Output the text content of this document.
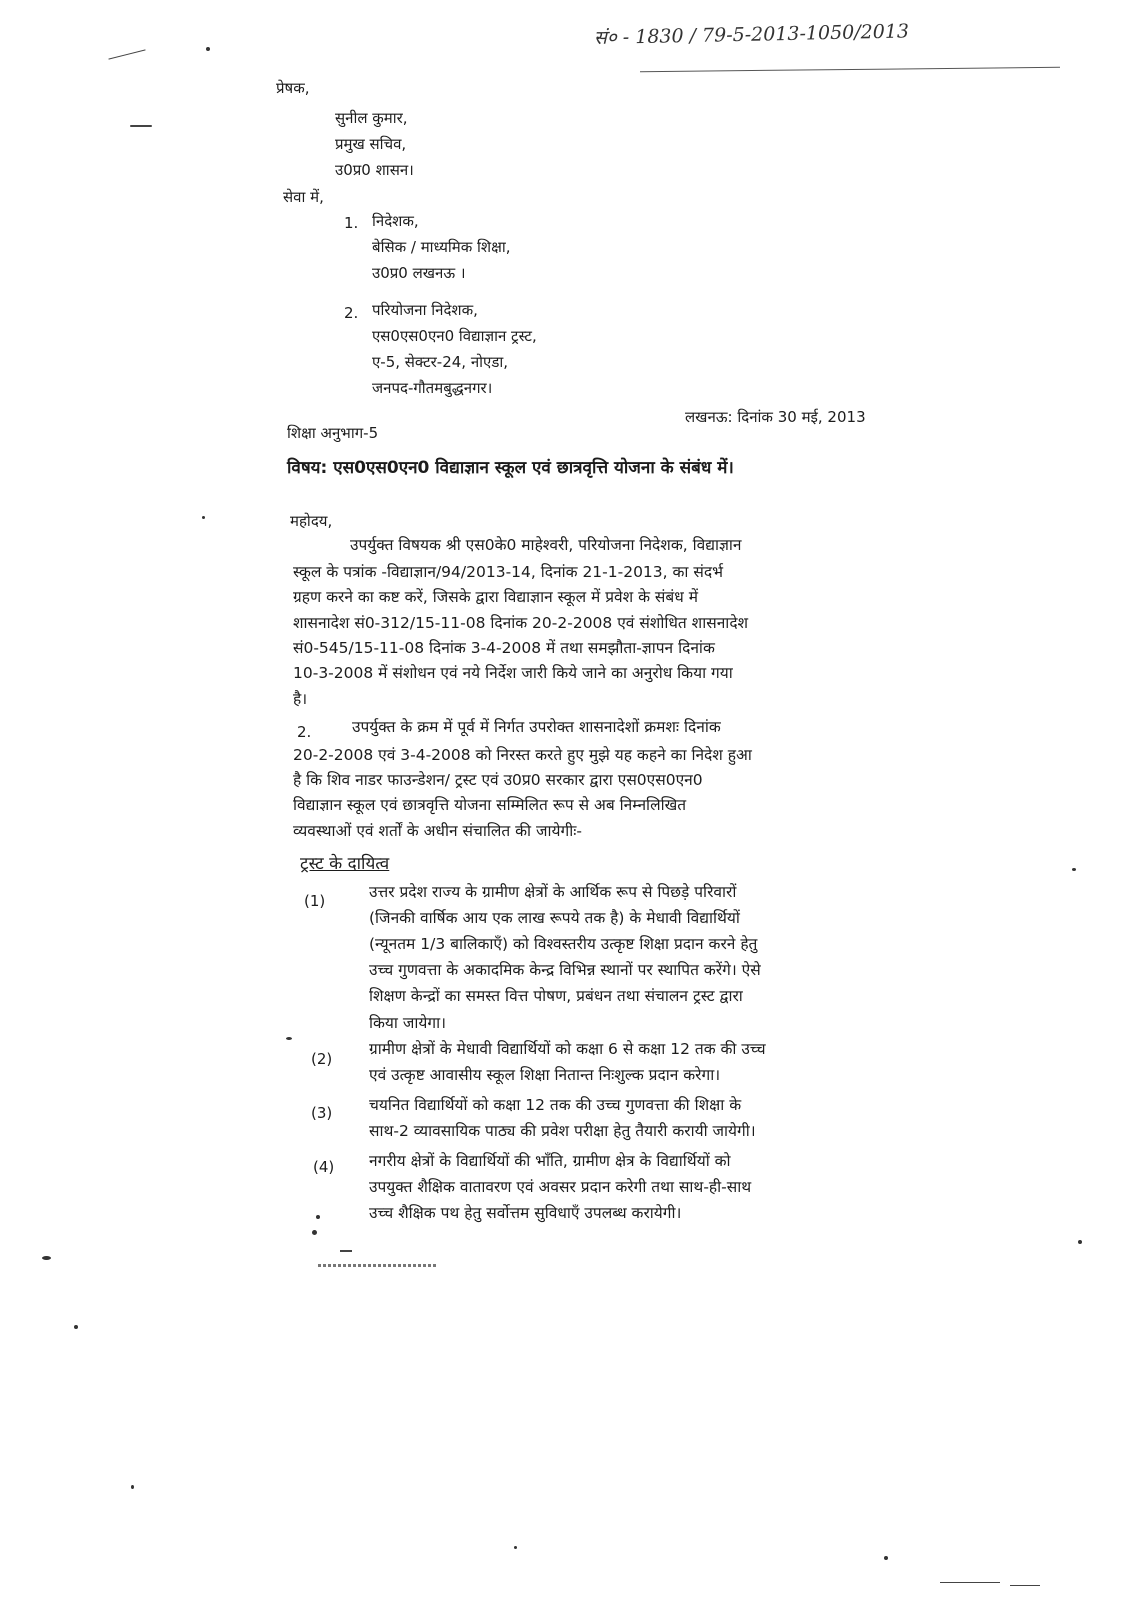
सं० - 1830 / 79-5-2013-1050/2013
प्रेषक,
सुनील कुमार,
प्रमुख सचिव,
उ0प्र0 शासन।
सेवा में,
1. निदेशक,
बेसिक / माध्यमिक शिक्षा,
उ0प्र0 लखनऊ ।
2. परियोजना निदेशक,
एस0एस0एन0 विद्याज्ञान ट्रस्ट,
ए-5, सेक्टर-24, नोएडा,
जनपद-गौतमबुद्धनगर।
शिक्षा अनुभाग-5
लखनऊ: दिनांक 30 मई, 2013
विषय: एस0एस0एन0 विद्याज्ञान स्कूल एवं छात्रवृत्ति योजना के संबंध में।
महोदय,
उपर्युक्त विषयक श्री एस0के0 माहेश्वरी, परियोजना निदेशक, विद्याज्ञान
स्कूल के पत्रांक -विद्याज्ञान/94/2013-14, दिनांक 21-1-2013, का संदर्भ
ग्रहण करने का कष्ट करें, जिसके द्वारा विद्याज्ञान स्कूल में प्रवेश के संबंध में
शासनादेश सं0-312/15-11-08 दिनांक 20-2-2008 एवं संशोधित शासनादेश
सं0-545/15-11-08 दिनांक 3-4-2008 में तथा समझौता-ज्ञापन दिनांक
10-3-2008 में संशोधन एवं नये निर्देश जारी किये जाने का अनुरोध किया गया
है।
2.	उपर्युक्त के क्रम में पूर्व में निर्गत उपरोक्त शासनादेशों क्रमशः दिनांक
20-2-2008 एवं 3-4-2008 को निरस्त करते हुए मुझे यह कहने का निदेश हुआ
है कि शिव नाडर फाउन्डेशन/ ट्रस्ट एवं उ0प्र0 सरकार द्वारा एस0एस0एन0
विद्याज्ञान स्कूल एवं छात्रवृत्ति योजना सम्मिलित रूप से अब निम्नलिखित
व्यवस्थाओं एवं शर्तों के अधीन संचालित की जायेगीः-
ट्रस्ट के दायित्व
(1)	उत्तर प्रदेश राज्य के ग्रामीण क्षेत्रों के आर्थिक रूप से पिछड़े परिवारों
(जिनकी वार्षिक आय एक लाख रूपये तक है) के मेधावी विद्यार्थियों
(न्यूनतम 1/3 बालिकाएँ) को विश्वस्तरीय उत्कृष्ट शिक्षा प्रदान करने हेतु
उच्च गुणवत्ता के अकादमिक केन्द्र विभिन्न स्थानों पर स्थापित करेंगे। ऐसे
शिक्षण केन्द्रों का समस्त वित्त पोषण, प्रबंधन तथा संचालन ट्रस्ट द्वारा
किया जायेगा।
(2)
ग्रामीण क्षेत्रों के मेधावी विद्यार्थियों को कक्षा 6 से कक्षा 12 तक की उच्च
एवं उत्कृष्ट आवासीय स्कूल शिक्षा नितान्त निःशुल्क प्रदान करेगा।
(3) चयनित विद्यार्थियों को कक्षा 12 तक की उच्च गुणवत्ता की शिक्षा के
साथ-2 व्यावसायिक पाठ्य की प्रवेश परीक्षा हेतु तैयारी करायी जायेगी।
(4) नगरीय क्षेत्रों के विद्यार्थियों की भाँति, ग्रामीण क्षेत्र के विद्यार्थियों को
उपयुक्त शैक्षिक वातावरण एवं अवसर प्रदान करेगी तथा साथ-ही-साथ
उच्च शैक्षिक पथ हेतु सर्वोत्तम सुविधाएँ उपलब्ध करायेगी।
